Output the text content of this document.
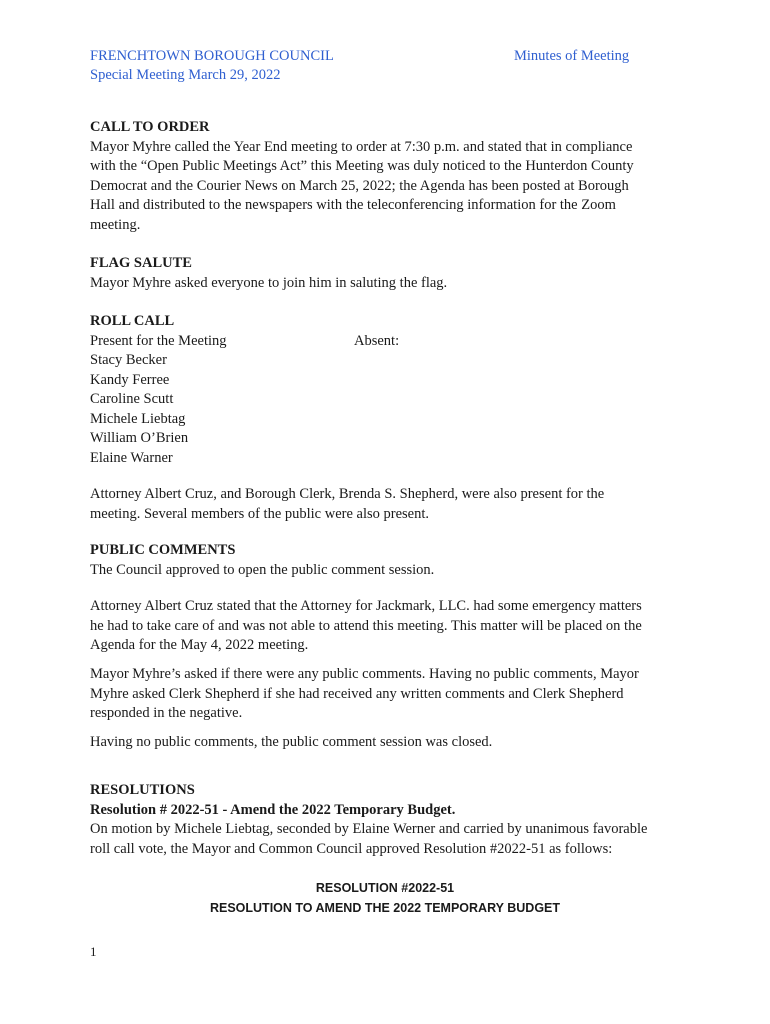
FRENCHTOWN BOROUGH COUNCIL
Special Meeting March 29, 2022
Minutes of Meeting
CALL TO ORDER
Mayor Myhre called the Year End meeting to order at 7:30 p.m. and stated that in compliance
with the “Open Public Meetings Act” this Meeting was duly noticed to the Hunterdon County
Democrat and the Courier News on March 25, 2022; the Agenda has been posted at Borough
Hall and distributed to the newspapers with the teleconferencing information for the Zoom
meeting.
FLAG SALUTE
Mayor Myhre asked everyone to join him in saluting the flag.
ROLL CALL
Present for the Meeting
Stacy Becker
Kandy Ferree
Caroline Scutt
Michele Liebtag
William O’Brien
Elaine Warner
Absent:
Attorney Albert Cruz, and Borough Clerk, Brenda S. Shepherd, were also present for the
meeting. Several members of the public were also present.
PUBLIC COMMENTS
The Council approved to open the public comment session.
Attorney Albert Cruz stated that the Attorney for Jackmark, LLC. had some emergency matters
he had to take care of and was not able to attend this meeting. This matter will be placed on the
Agenda for the May 4, 2022 meeting.
Mayor Myhre’s asked if there were any public comments. Having no public comments, Mayor
Myhre asked Clerk Shepherd if she had received any written comments and Clerk Shepherd
responded in the negative.
Having no public comments, the public comment session was closed.
RESOLUTIONS
Resolution # 2022-51 - Amend the 2022 Temporary Budget.
On motion by Michele Liebtag, seconded by Elaine Werner and carried by unanimous favorable
roll call vote, the Mayor and Common Council approved Resolution #2022-51 as follows:
RESOLUTION #2022-51
RESOLUTION TO AMEND THE 2022 TEMPORARY BUDGET
1
